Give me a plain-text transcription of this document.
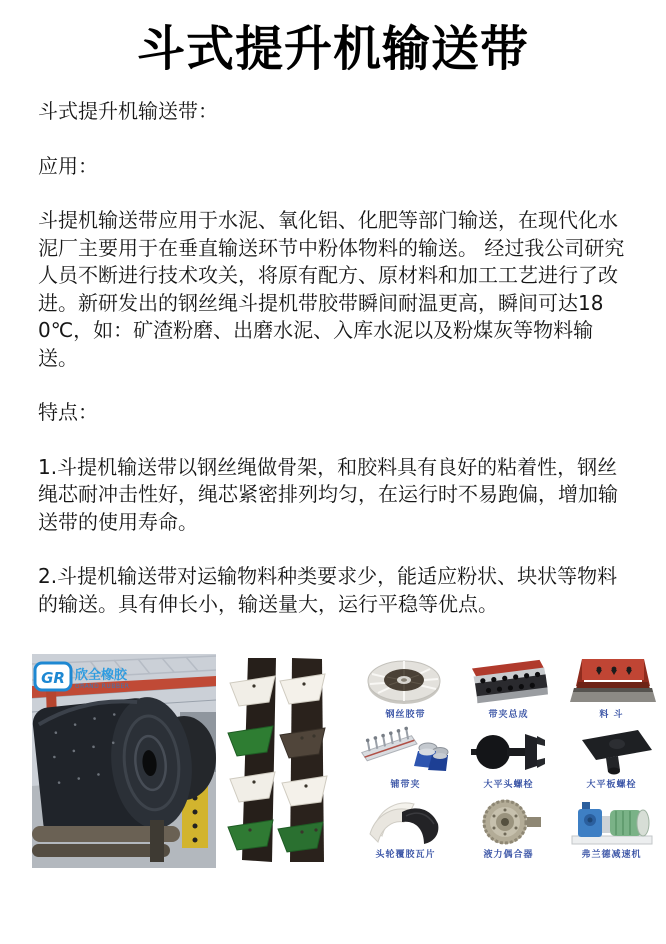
斗式提升机输送带

斗式提升机输送带：

应用：

斗提机输送带应用于水泥、氧化铝、化肥等部门输送，在现代化水泥厂主要用于在垂直输送环节中粉体物料的输送。 经过我公司研究人员不断进行技术攻关，将原有配方、原材料和加工工艺进行了改进。新研发出的钢丝绳斗提机带胶带瞬间耐温更高，瞬间可达180℃，如：矿渣粉磨、出磨水泥、入库水泥以及粉煤灰等物料输送。

特点：

1.斗提机输送带以钢丝绳做骨架，和胶料具有良好的粘着性，钢丝绳芯耐冲击性好，绳芯紧密排列均匀，在运行时不易跑偏，增加输送带的使用寿命。

2.斗提机输送带对运输物料种类要求少，能适应粉状、块状等物料的输送。具有伸长小，输送量大，运行平稳等优点。

GR 欣全橡胶
GRAND RUBBER
钢丝胶带	带夹总成	料 斗
铺带夹	大平头螺栓	大平板螺栓
头轮覆胶瓦片	液力偶合器	弗兰德减速机
